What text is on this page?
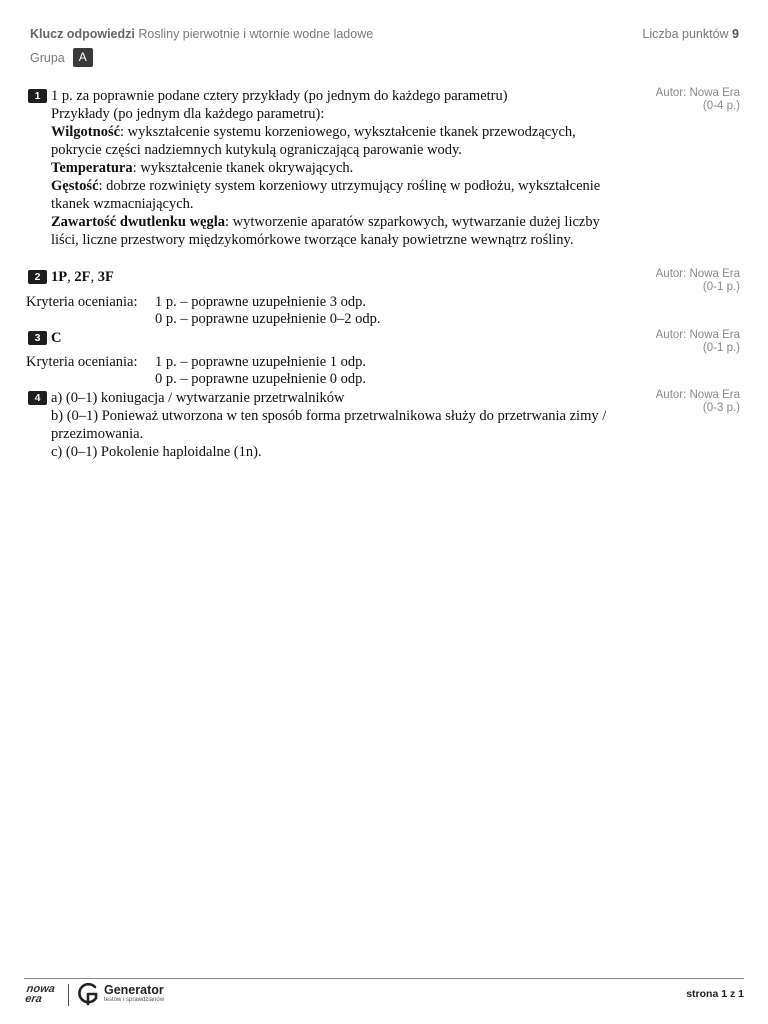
Klucz odpowiedzi Rosliny pierwotnie i wtornie wodne ladowe	Liczba punktów 9
Grupa	A
1 1 p. za poprawnie podane cztery przykłady (po jednym do każdego parametru)
Przykłady (po jednym dla każdego parametru):
Wilgotność: wykształcenie systemu korzeniowego, wykształcenie tkanek przewodzących, pokrycie części nadziemnych kutykulą ograniczającą parowanie wody.
Temperatura: wykształcenie tkanek okrywających.
Gęstość: dobrze rozwinięty system korzeniowy utrzymujący roślinę w podłożu, wykształcenie tkanek wzmacniających.
Zawartość dwutlenku węgla: wytworzenie aparatów szparkowych, wytwarzanie dużej liczby liści, liczne przestwory międzykomórkowe tworzące kanały powietrzne wewnątrz rośliny.
Autor: Nowa Era
(0-4 p.)
2 1P, 2F, 3F	Autor: Nowa Era
(0-1 p.)
Kryteria oceniania: 1 p. – poprawne uzupełnienie 3 odp.
0 p. – poprawne uzupełnienie 0–2 odp.
3 C	Autor: Nowa Era
(0-1 p.)
Kryteria oceniania: 1 p. – poprawne uzupełnienie 1 odp.
0 p. – poprawne uzupełnienie 0 odp.
4 a) (0–1) koniugacja / wytwarzanie przetrwalników
b) (0–1) Ponieważ utworzona w ten sposób forma przetrwalnikowa służy do przetrwania zimy / przezimowania.
c) (0–1) Pokolenie haploidalne (1n).
Autor: Nowa Era
(0-3 p.)
nowa
era
Generator
testów i sprawdzianów	strona 1 z 1
